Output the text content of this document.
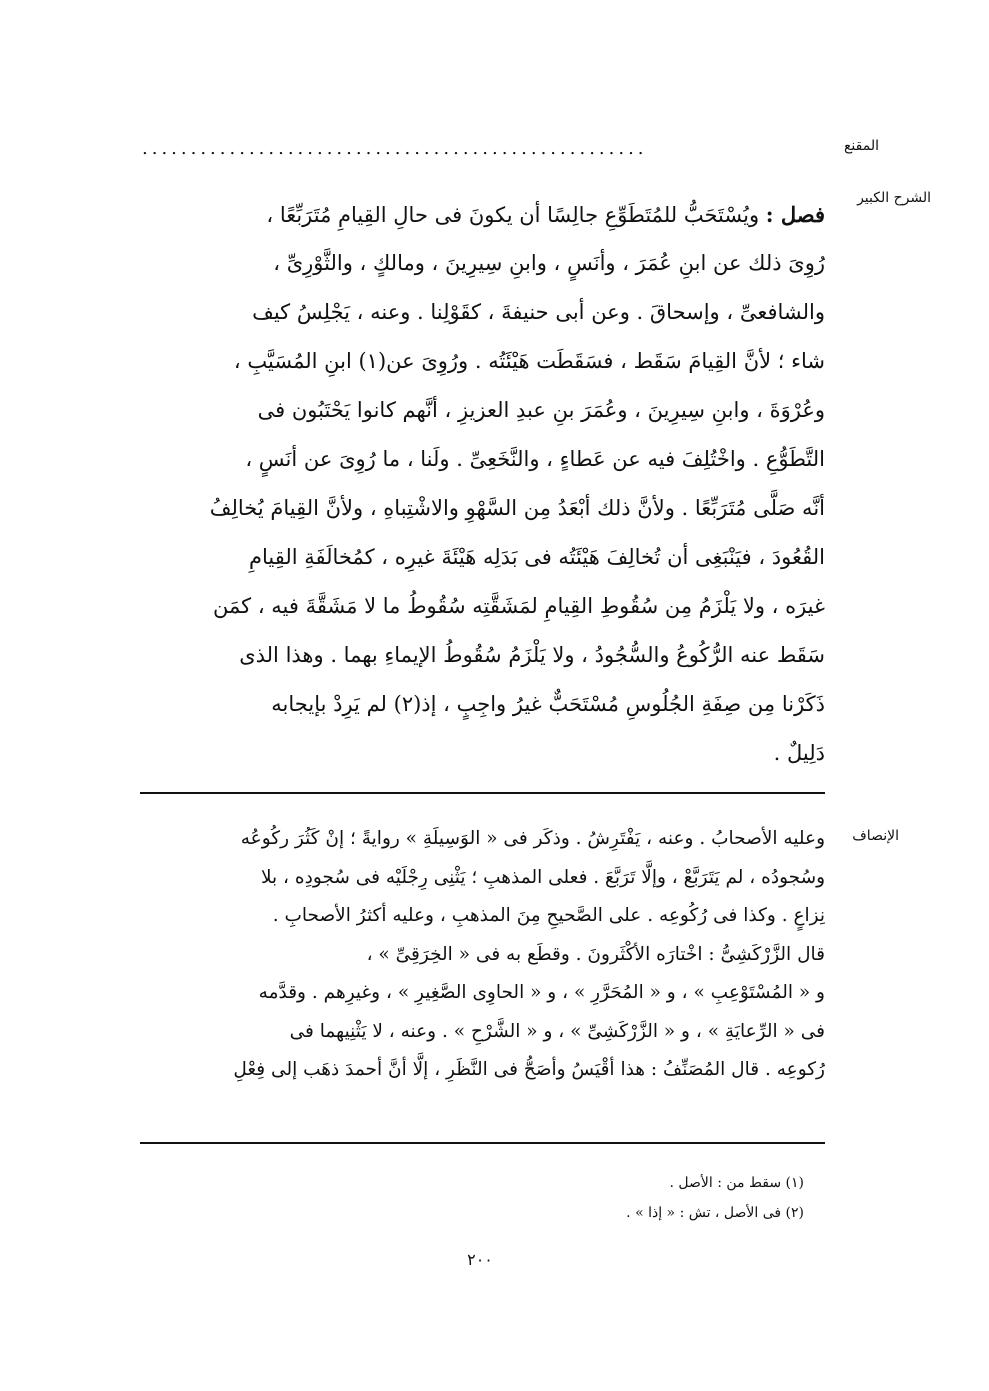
المقنع
....................................................
الشرح الكبير
فصل : ويُسْتَحَبُّ للمُتَطَوِّعِ جالِسًا أن يكونَ فى حالِ القِيامِ مُتَرَبِّعًا ،
رُوِىَ ذلك عن ابنِ عُمَرَ ، وأنَسٍ ، وابنِ سِيرِينَ ، ومالكٍ ، والثَّوْرِىِّ ،
والشافعىِّ ، وإسحاقَ . وعن أبى حنيفةَ ، كقَوْلِنا . وعنه ، يَجْلِسُ كيف
شاء ؛ لأنَّ القِيامَ سَقَط ، فسَقَطَت هَيْئَتُه . ورُوِىَ عن(١) ابنِ المُسَيَّبِ ،
وعُرْوَةَ ، وابنِ سِيرِينَ ، وعُمَرَ بنِ عبدِ العزيزِ ، أنَّهم كانوا يَحْتَبُون فى
التَّطَوُّعِ . واخْتُلِفَ فيه عن عَطاءٍ ، والنَّخَعِىِّ . ولَنا ، ما رُوِىَ عن أنَسٍ ،
أنَّه صَلَّى مُتَرَبِّعًا . ولأنَّ ذلك أبْعَدُ مِن السَّهْوِ والاشْتِباهِ ، ولأنَّ القِيامَ يُخالِفُ
القُعُودَ ، فيَنْبَغِى أن تُخالِفَ هَيْئَتُه فى بَدَلِه هَيْئَةَ غيرِه ، كمُخالَفَةِ القِيامِ
غيرَه ، ولا يَلْزَمُ مِن سُقُوطِ القِيامِ لمَشَقَّتِه سُقُوطُ ما لا مَشَقَّةَ فيه ، كمَن
سَقَط عنه الرُّكُوعُ والسُّجُودُ ، ولا يَلْزَمُ سُقُوطُ الإيماءِ بهما . وهذا الذى
ذَكَرْنا مِن صِفَةِ الجُلُوسِ مُسْتَحَبٌّ غيرُ واجِبٍ ، إذ(٢) لم يَرِدْ بإيجابه
دَلِيلٌ .
الإنصاف
وعليه الأصحابُ . وعنه ، يَفْتَرِشُ . وذكَر فى « الوَسِيلَةِ » روايةً ؛ إنْ كَثُرَ ركُوعُه
وسُجودُه ، لم يَتَرَبَّعْ ، وإلَّا تَرَبَّعَ . فعلى المذهبِ ؛ يَثْنِى رِجْلَيْه فى سُجودِه ، بلا
نِزاعٍ . وكذا فى رُكُوعِه . على الصَّحيحِ مِنَ المذهبِ ، وعليه أكثرُ الأصحابِ .
قال الزَّرْكَشِىُّ : اخْتارَه الأكْثَرونَ . وقطَع به فى « الخِرَقِىِّ » ،
و « المُسْتَوْعِبِ » ، و « المُحَرَّرِ » ، و « الحاوِى الصَّغِيرِ » ، وغيرِهم . وقدَّمه
فى « الرِّعايَةِ » ، و « الزَّرْكَشِىِّ » ، و « الشَّرْحِ » . وعنه ، لا يَثْنِيهما فى
رُكوعِه . قال المُصَنِّفُ : هذا أقْيَسُ وأصَحُّ فى النَّظَرِ ، إلَّا أنَّ أحمدَ ذهَب إلى فِعْلِ
(١) سقط من : الأصل .
(٢) فى الأصل ، تش : « إذا » .
٢٠٠
